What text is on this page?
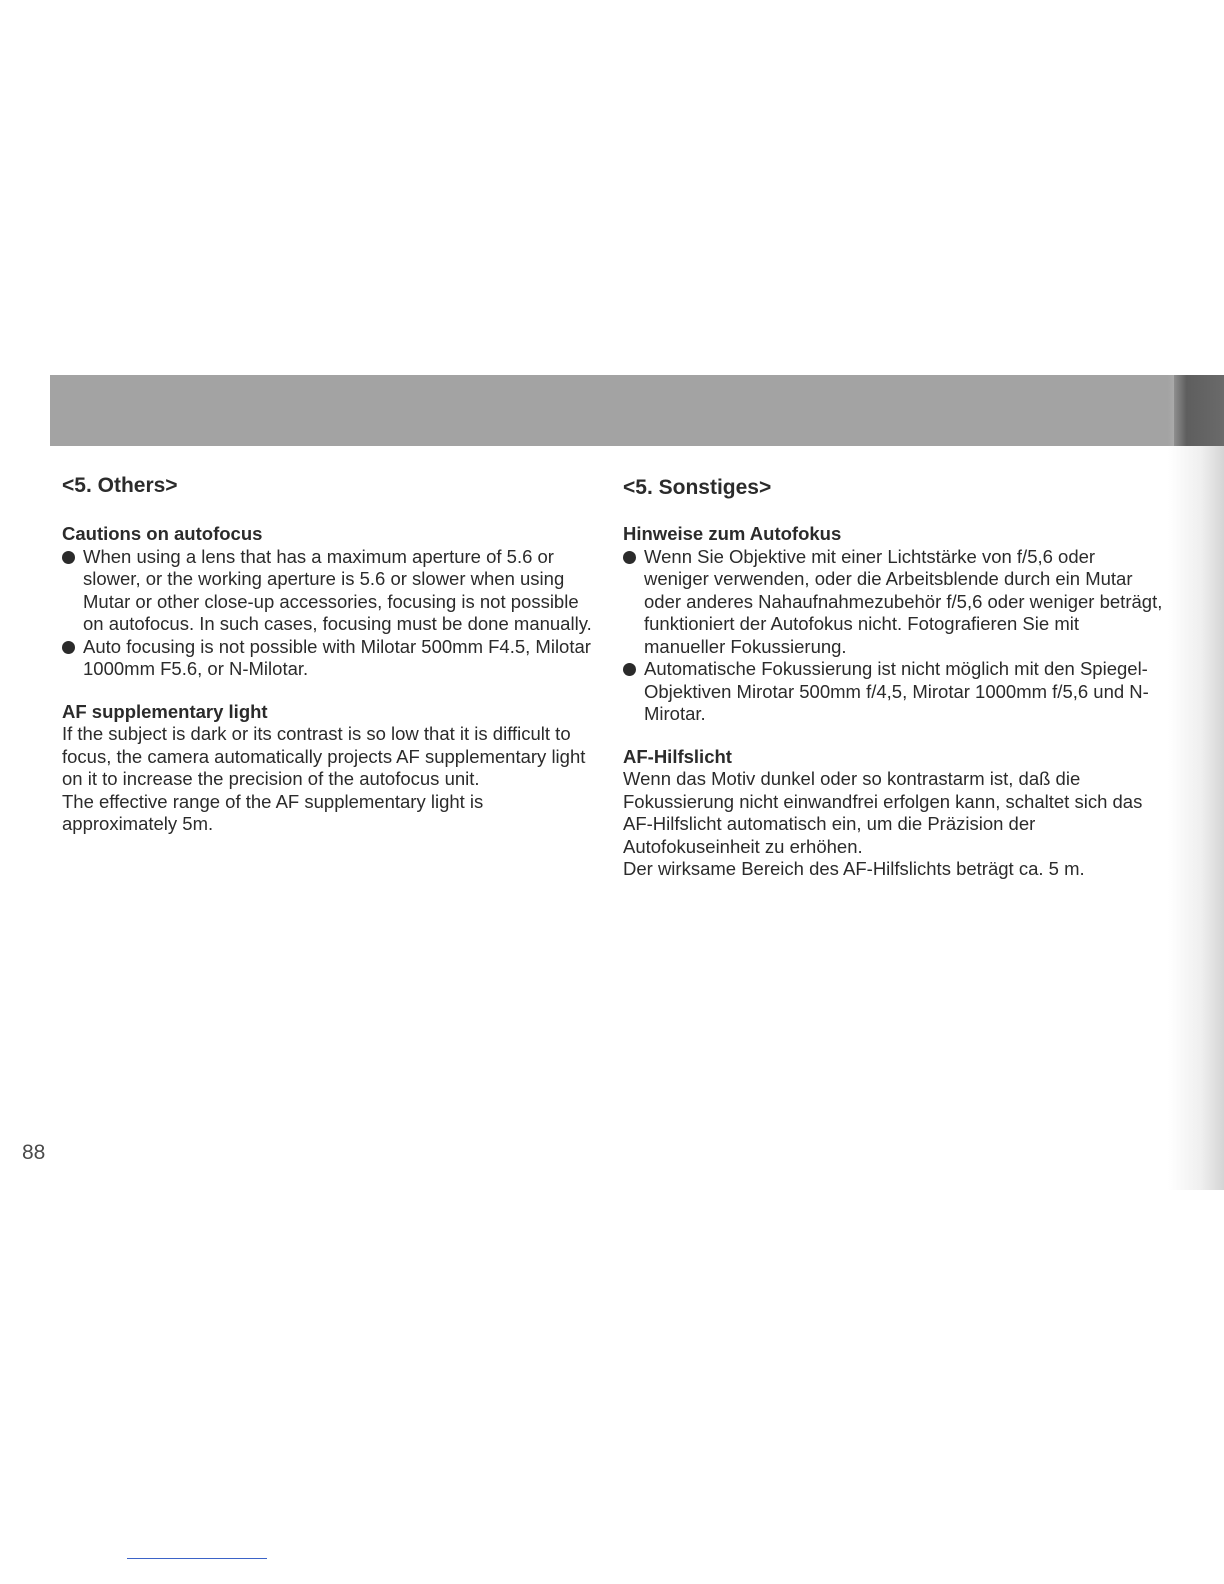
<5. Others>
Cautions on autofocus
When using a lens that has a maximum aperture of 5.6 or slower, or the working aperture is 5.6 or slower when using Mutar or other close-up accessories, focusing is not possible on autofocus. In such cases, focusing must be done manually.
Auto focusing is not possible with Milotar 500mm F4.5, Milotar 1000mm F5.6, or N-Milotar.
AF supplementary light

If the subject is dark or its contrast is so low that it is difficult to focus, the camera automatically projects AF supplementary light on it to increase the precision of the autofocus unit.

The effective range of the AF supplementary light is approximately 5m.

<5. Sonstiges>
Hinweise zum Autofokus
Wenn Sie Objektive mit einer Lichtstärke von f/5,6 oder weniger verwenden, oder die Arbeitsblende durch ein Mutar oder anderes Nahaufnahmezubehör f/5,6 oder weniger beträgt, funktioniert der Autofokus nicht. Fotografieren Sie mit manueller Fokussierung.
Automatische Fokussierung ist nicht möglich mit den Spiegel-Objektiven Mirotar 500mm f/4,5, Mirotar 1000mm f/5,6 und N-Mirotar.
AF-Hilfslicht

Wenn das Motiv dunkel oder so kontrastarm ist, daß die Fokussierung nicht einwandfrei erfolgen kann, schaltet sich das AF-Hilfslicht automatisch ein, um die Präzision der Autofokuseinheit zu erhöhen.

Der wirksame Bereich des AF-Hilfslichts beträgt ca. 5 m.

88
